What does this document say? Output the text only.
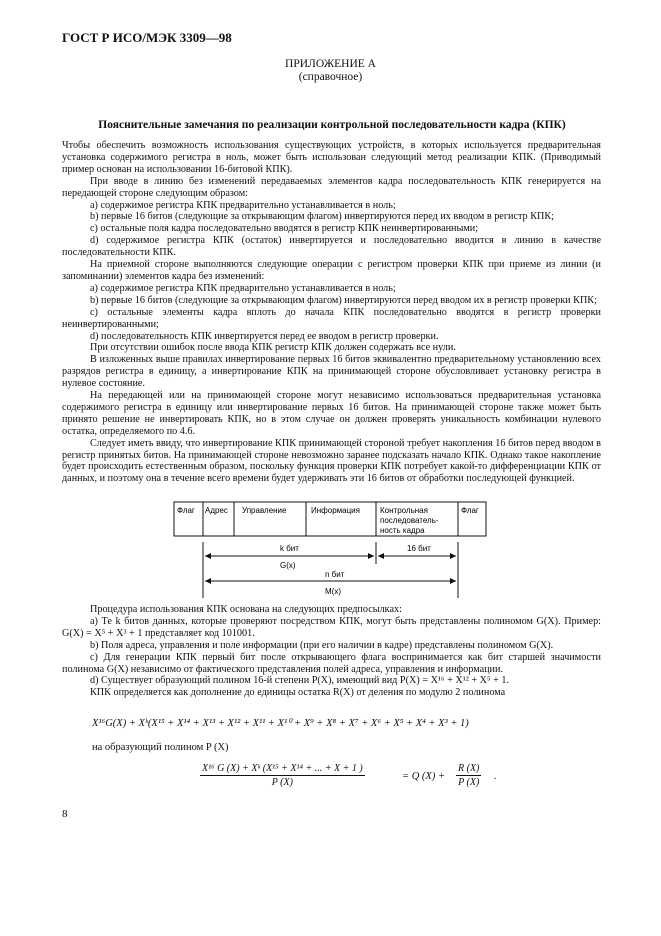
ГОСТ Р ИСО/МЭК 3309—98
ПРИЛОЖЕНИЕ А
(справочное)
Пояснительные замечания по реализации контрольной последовательности кадра (КПК)

Чтобы обеспечить возможность использования существующих устройств, в которых используется предварительная установка содержимого регистра в ноль, может быть использован следующий метод реализации КПК. (Приводимый пример основан на использовании 16-битовой КПК).

При вводе в линию без изменений передаваемых элементов кадра последовательность КПК генерируется на передающей стороне следующим образом:

a) содержимое регистра КПК предварительно устанавливается в ноль;

b) первые 16 битов (следующие за открывающим флагом) инвертируются перед их вводом в регистр КПК;

c) остальные поля кадра последовательно вводятся в регистр КПК неинвертированными;

d) содержимое регистра КПК (остаток) инвертируется и последовательно вводится в линию в качестве последовательности КПК.

На приемной стороне выполняются следующие операции с регистром проверки КПК при приеме из линии (и запоминании) элементов кадра без изменений:

a) содержимое регистра КПК предварительно устанавливается в ноль;

b) первые 16 битов (следующие за открывающим флагом) инвертируются перед вводом их в регистр проверки КПК;

c) остальные элементы кадра вплоть до начала КПК последовательно вводятся в регистр проверки неинвертированными;

d) последовательность КПК инвертируется перед ее вводом в регистр проверки.

При отсутствии ошибок после ввода КПК регистр КПК должен содержать все нули.

В изложенных выше правилах инвертирование первых 16 битов эквивалентно предварительному установлению всех разрядов регистра в единицу, а инвертирование КПК на принимающей стороне обусловливает установку регистра в нулевое состояние.

На передающей или на принимающей стороне могут независимо использоваться предварительная установка содержимого регистра в единицу или инвертирование первых 16 битов. На принимающей стороне также может быть принято решение не инвертировать КПК, но в этом случае он должен проверять уникальность комбинации нулевого остатка, определяемого по 4.6.

Следует иметь ввиду, что инвертирование КПК принимающей стороной требует накопления 16 битов перед вводом в регистр принятых битов. На принимающей стороне невозможно заранее подсказать начало КПК. Однако такое накопление будет происходить естественным образом, поскольку функция проверки КПК потребует какой-то дифференциации КПК от данных, и поэтому она в течение всего времени будет удерживать эти 16 битов от обработки последующей функцией.

Флаг Адрес Управление	Информация	Контрольная последователь- ность кадра
Флаг
k бит	16 бит
G(x)
n бит
M(x)

Процедура использования КПК основана на следующих предпосылках:

a) Те k битов данных, которые проверяют посредством КПК, могут быть представлены полиномом G(X). Пример: G(X) = X⁵ + X³ + 1 представляет код 101001.

b) Поля адреса, управления и поле информации (при его наличии в кадре) представлены полиномом G(X).

c) Для генерации КПК первый бит после открывающего флага воспринимается как бит старшей значимости полинома G(X) независимо от фактического представления полей адреса, управления и информации.

d) Существует образующий полином 16-й степени P(X), имеющий вид P(X) = X¹⁶ + X¹² + X⁵ + 1.

КПК определяется как дополнение до единицы остатка R(X) от деления по модулю 2 полинома

X¹⁶G(X) + Xᵏ(X¹⁵ + X¹⁴ + X¹³ + X¹² + X¹¹ + X¹⁰ + X⁹ + X⁸ + X⁷ + X⁶ + X⁵ + X⁴ + X³ + 1)
на образующий полином P (X)
$\frac{\text{X¹⁶ G (X) + Xᵏ (X¹⁵ + X¹⁴ + ... + X + 1 )}}{P (X)}$	= Q $(X) + \frac{R (X)}{P (X)}$ .
8
